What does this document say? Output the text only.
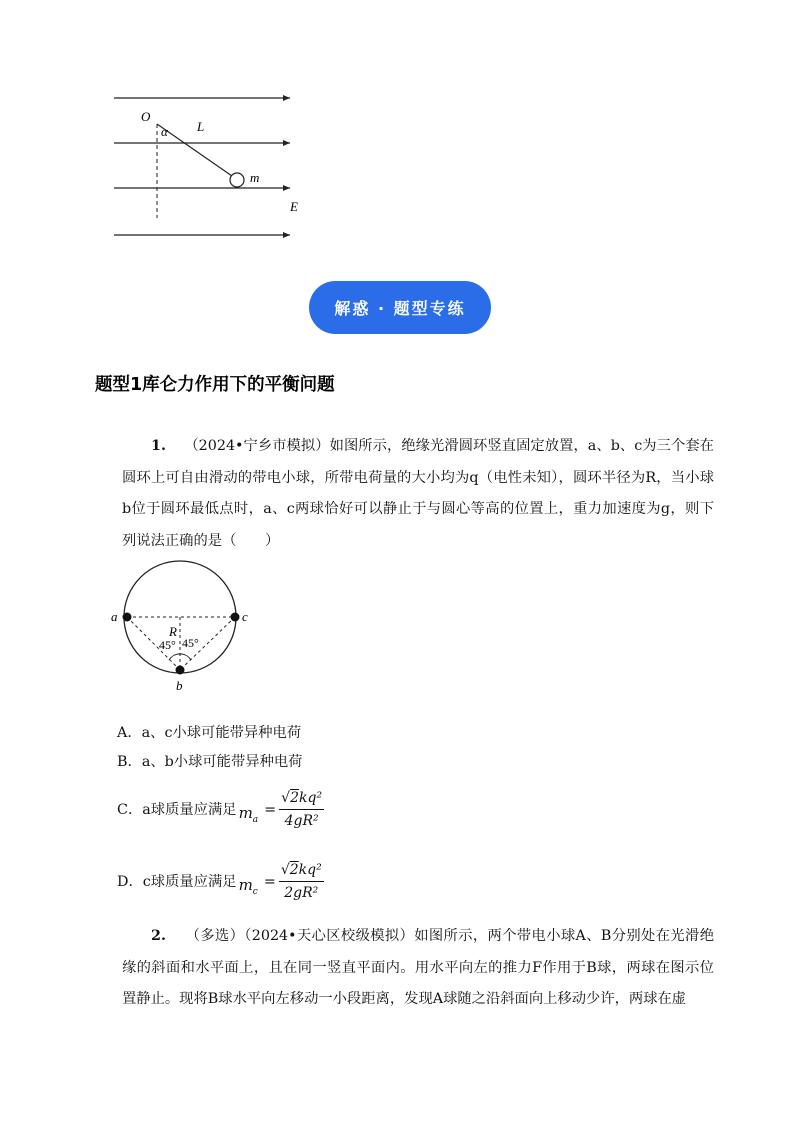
O
α L
m
E
解惑 · 题型专练
题型1库仑力作用下的平衡问题
1. （2024•宁乡市模拟）如图所示，绝缘光滑圆环竖直固定放置，a、b、c为三个套在圆环上可自由滑动的带电小球，所带电荷量的大小均为q（电性未知），圆环半径为R，当小球b位于圆环最低点时，a、c两球恰好可以静止于与圆心等高的位置上，重力加速度为g，则下列说法正确的是（　　）
a	c
b
R
45° 45°
A． a、c小球可能带异种电荷
B． a、b小球可能带异种电荷
C． a球质量应满足 $m_a$
= $\frac{\text{√2kq²}}{\text{4gR²}}$
D． c球质量应满足 $m_c$
= $\frac{\text{√2kq²}}{\text{2gR²}}$
2. （多选）（2024•天心区校级模拟）如图所示，两个带电小球A、B分别处在光滑绝缘的斜面和水平面上，且在同一竖直平面内。用水平向左的推力F作用于B球，两球在图示位置静止。现将B球水平向左移动一小段距离，发现A球随之沿斜面向上移动少许，两球在虚
